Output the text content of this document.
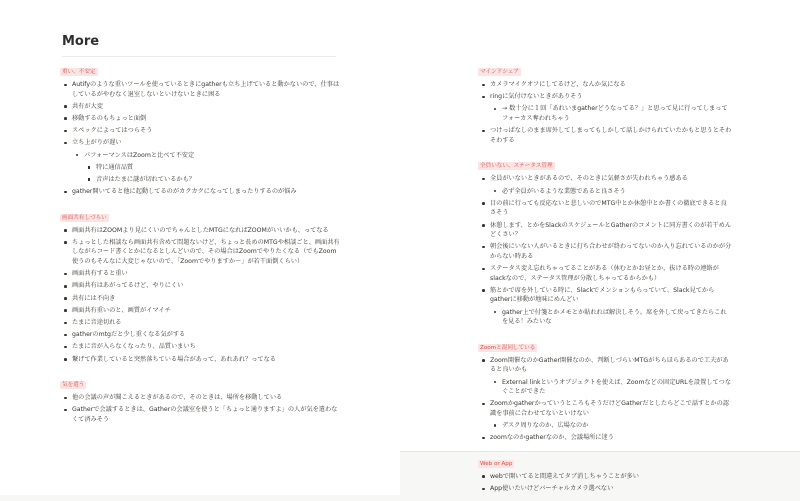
More
重い、不安定
Autifyのような重いツールを使っているときにgatherも立ち上げていると動かないので、仕事はしているがやむなく退室しないといけないときに困る
共有が大変
移動するのもちょっと面倒
スペックによってはつらそう
立ち上がりが遅い
パフォーマンスはZoomと比べて不安定
特に通信品質
音声はたまに謎が切れているかも？
gather開いてると他に起動してるのがカクカクになってしまったりするのが悩み
画面共有しづらい
画面共有はZOOMより見にくいのでちゃんとしたMTGになればZOOMがいいかも、ってなる
ちょっとした相談なら画面共有含めて問題ないけど、ちょっと長めのMTGや相談ごと、画面共有しながらコード書くとかになるとしんどいので、その場合はZoomでやりたくなる（でもZoom使うのもそんなに大変じゃないので、「Zoomでやりますか〜」が若干面倒くらい）
画面共有すると重い
画面共有はあがってるけど、やりにくい
共有には不向き
画面共有重いのと、画質がイマイチ
たまに音途切れる
gatherのmtgだと少し重くなる気がする
たまに音が入らなくなったり、品質いまいち
繋げて作業していると突然落ちている場合があって、あれあれ？ってなる
気を遣う
他の会議の声が聞こえるときがあるので、そのときは、場所を移動している
Gatherで会議するときは、Gatherの会議室を使うと「ちょっと通りますよ」の人が気を遣わなくて済みそう
マインドシェア
カメラマイクオフにしてるけど、なんか気になる
ringに気付けないときがありそう
→ 数十分に１回「あれいまgatherどうなってる？」と思って見に行ってしまってフォーカス奪われちゃう
つけっぱなしのまま席外してしまってもしかして話しかけられていたかもと思うとそわそわする
全員いない、ステータス管理
全員がいないときがあるので、そのときに気軽さが失われちゃう感ある
必ず全員がいるような業態であると良さそう
目の前に行っても反応ないと悲しいのでMTG中とか休憩中とか書くの徹底できると良さそう
休憩します、とかをSlackのスケジュールとGatherのコメントに同方書くのが若干めんどくさい？
朝会後にいない人がいるときに打ち合わせが終わってないのか入り忘れているのかが分からない時ある
ステータス変え忘れちゃってることがある（休むとかお昼とか、抜ける時の連絡がslackなので、ステータス管理が分散しちゃってるからかも）
筋とかで席を外している時に、Slackでメンションもらっていて、Slack見てからgatherに移動が地味にめんどい
gather上で付箋とかメモとか貼れれば解決しそう。席を外して戻ってきたらこれを見る！みたいな
Zoomと混同している
Zoom開催なのかGather開催なのか、判断しづらいMTGがちらほらあるので工夫があると良いかも
External linkというオブジェクトを使えば、Zoomなどの固定URLを設置してつなぐことができた
ZoomかgatherかっていうところもそうだけどGatherだとしたらどこで話すとかの認識を事前に合わせてないといけない
デスク周りなのか、広場なのか
zoomなのかgatherなのか、会議場所に迷う
Web or App
webで開いてると間違えてタブ消しちゃうことが多い
App使いたいけどバーチャルカメラ選べない
